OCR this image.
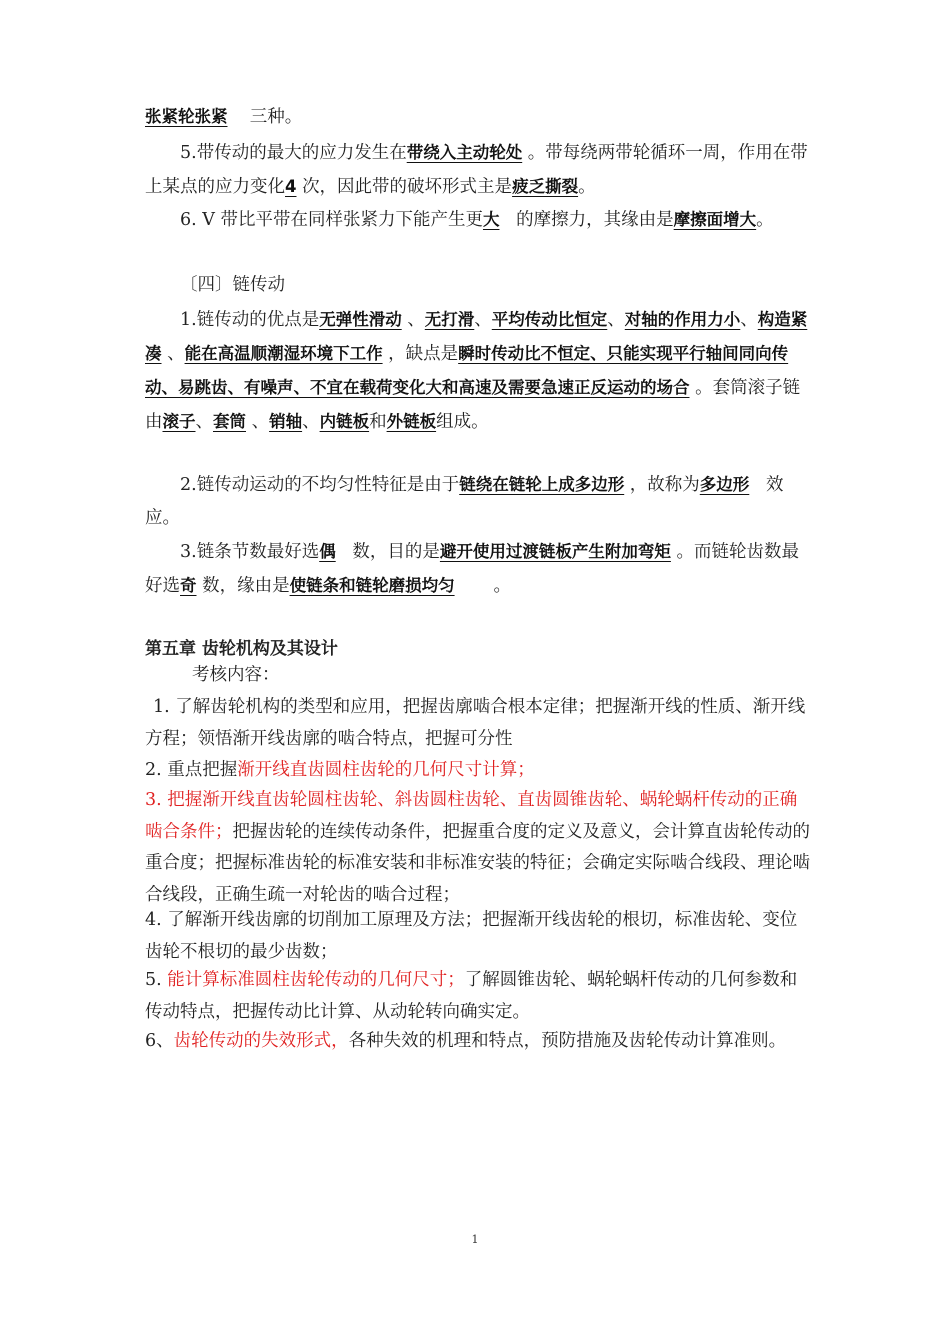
张紧轮张紧 三种。

5.带传动的最大的应力发生在带绕入主动轮处 。带每绕两带轮循环一周，作用在带上某点的应力变化4 次，因此带的破坏形式主是疲乏撕裂。

6. V 带比平带在同样张紧力下能产生更大 的摩擦力，其缘由是摩擦面增大。

〔四〕链传动

1.链传动的优点是无弹性滑动 、无打滑、平均传动比恒定、对轴的作用力小、构造紧凑 、能在高温顺潮湿环境下工作 ，缺点是瞬时传动比不恒定、只能实现平行轴间同向传动、易跳齿、有噪声、不宜在载荷变化大和高速及需要急速正反运动的场合 。套筒滚子链由滚子、套筒 、销轴、内链板和外链板组成。

2.链传动运动的不均匀性特征是由于链绕在链轮上成多边形 ，故称为多边形 效应。

3.链条节数最好选偶 数，目的是避开使用过渡链板产生附加弯矩 。而链轮齿数最好选奇 数，缘由是使链条和链轮磨损均匀 。

第五章 齿轮机构及其设计

考核内容：

1. 了解齿轮机构的类型和应用，把握齿廓啮合根本定律；把握渐开线的性质、渐开线方程；领悟渐开线齿廓的啮合特点，把握可分性

2. 重点把握渐开线直齿圆柱齿轮的几何尺寸计算；

3. 把握渐开线直齿轮圆柱齿轮、斜齿圆柱齿轮、直齿圆锥齿轮、蜗轮蜗杆传动的正确啮合条件；把握齿轮的连续传动条件，把握重合度的定义及意义，会计算直齿轮传动的重合度；把握标准齿轮的标准安装和非标准安装的特征；会确定实际啮合线段、理论啮合线段，正确生疏一对轮齿的啮合过程；

4. 了解渐开线齿廓的切削加工原理及方法；把握渐开线齿轮的根切，标准齿轮、变位齿轮不根切的最少齿数；

5. 能计算标准圆柱齿轮传动的几何尺寸；了解圆锥齿轮、蜗轮蜗杆传动的几何参数和传动特点，把握传动比计算、从动轮转向确实定。

6、齿轮传动的失效形式，各种失效的机理和特点，预防措施及齿轮传动计算准则。

1
